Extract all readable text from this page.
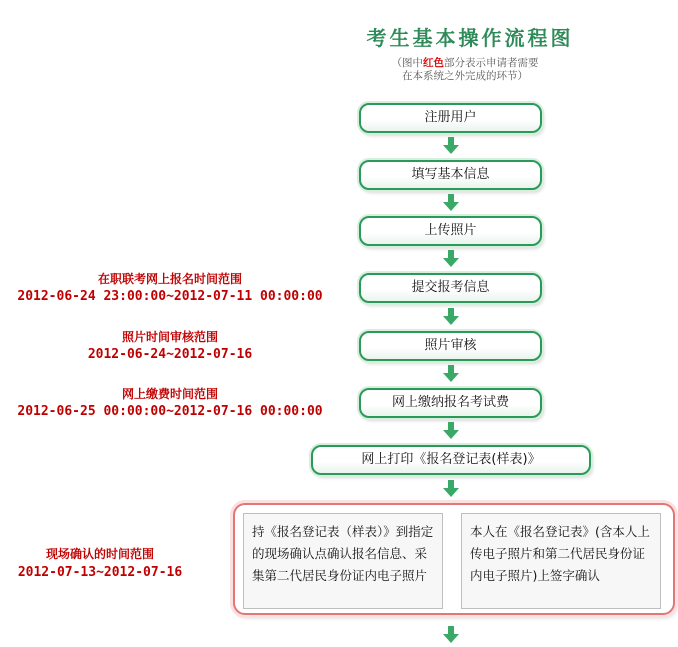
考生基本操作流程图
（图中红色部分表示申请者需要
在本系统之外完成的环节）
注册用户
填写基本信息
上传照片
提交报考信息
照片审核
网上缴纳报名考试费
网上打印《报名登记表(样表)》
持《报名登记表（样表）》到指定的现场确认点确认报名信息、采集第二代居民身份证内电子照片
本人在《报名登记表》(含本人上传电子照片和第二代居民身份证内电子照片)上签字确认
在职联考网上报名时间范围
2012-06-24 23:00:00~2012-07-11 00:00:00
照片时间审核范围
2012-06-24~2012-07-16
网上缴费时间范围
2012-06-25 00:00:00~2012-07-16 00:00:00
现场确认的时间范围
2012-07-13~2012-07-16
